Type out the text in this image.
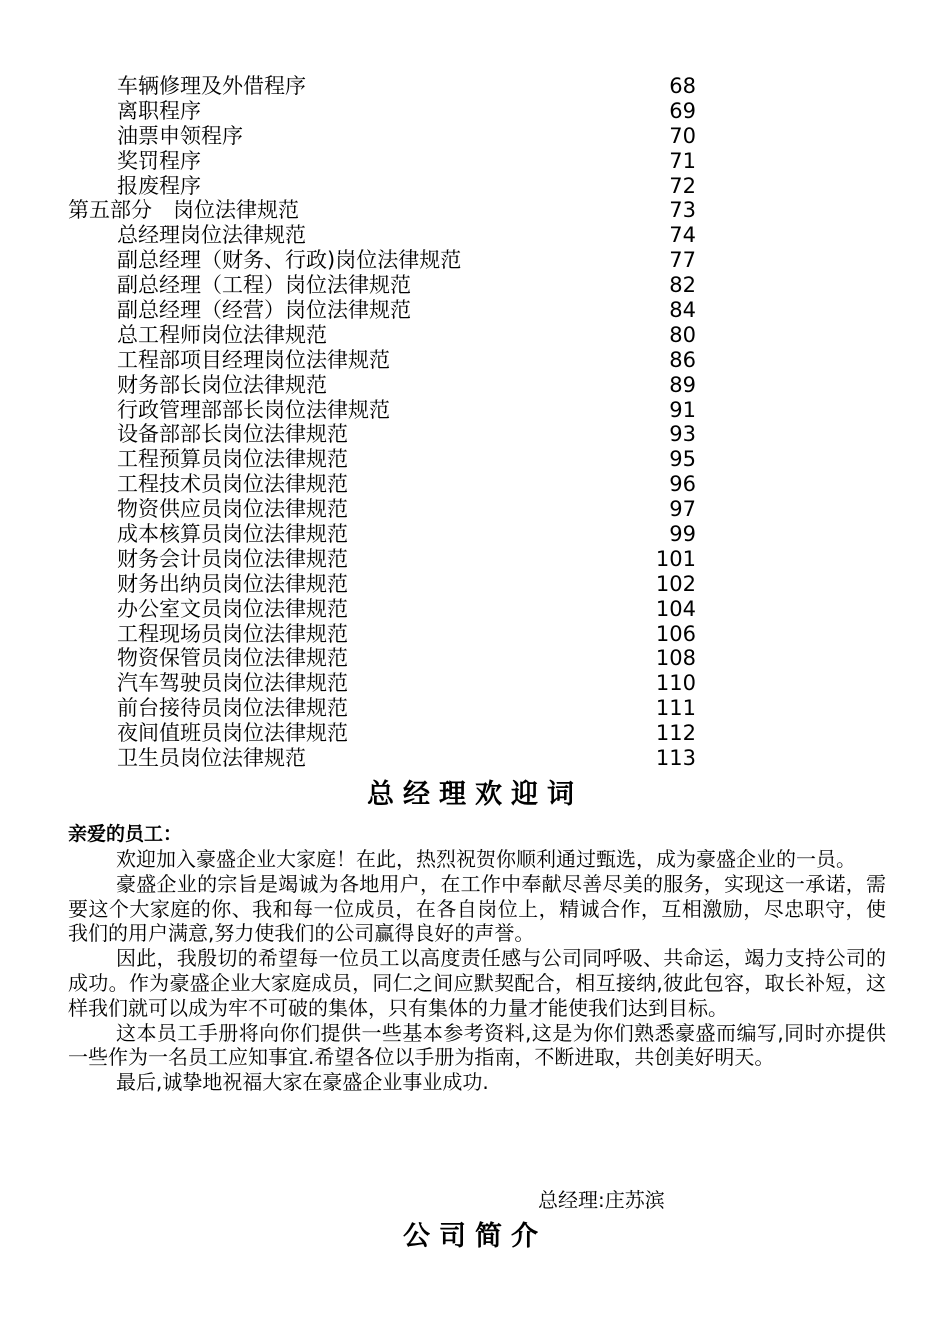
车辆修理及外借程序	68
离职程序	69
油票申领程序	70
奖罚程序	71
报废程序	72
第五部分　岗位法律规范	73
总经理岗位法律规范	74
副总经理（财务、行政)岗位法律规范	77
副总经理（工程）岗位法律规范	82
副总经理（经营）岗位法律规范	84
总工程师岗位法律规范	80
工程部项目经理岗位法律规范	86
财务部长岗位法律规范	89
行政管理部部长岗位法律规范	91
设备部部长岗位法律规范	93
工程预算员岗位法律规范	95
工程技术员岗位法律规范	96
物资供应员岗位法律规范	97
成本核算员岗位法律规范	99
财务会计员岗位法律规范	101
财务出纳员岗位法律规范	102
办公室文员岗位法律规范	104
工程现场员岗位法律规范	106
物资保管员岗位法律规范	108
汽车驾驶员岗位法律规范	110
前台接待员岗位法律规范	111
夜间值班员岗位法律规范	112
卫生员岗位法律规范	113
总经理欢迎词
亲爱的员工：

欢迎加入豪盛企业大家庭！在此，热烈祝贺你顺利通过甄选，成为豪盛企业的一员。

豪盛企业的宗旨是竭诚为各地用户，在工作中奉献尽善尽美的服务，实现这一承诺，需要这个大家庭的你、我和每一位成员，在各自岗位上，精诚合作，互相激励，尽忠职守，使我们的用户满意,努力使我们的公司赢得良好的声誉。

因此，我殷切的希望每一位员工以高度责任感与公司同呼吸、共命运，竭力支持公司的成功。作为豪盛企业大家庭成员，同仁之间应默契配合，相互接纳,彼此包容，取长补短，这样我们就可以成为牢不可破的集体，只有集体的力量才能使我们达到目标。

这本员工手册将向你们提供一些基本参考资料,这是为你们熟悉豪盛而编写,同时亦提供一些作为一名员工应知事宜.希望各位以手册为指南，不断进取，共创美好明天。

最后,诚挚地祝福大家在豪盛企业事业成功.

总经理:庄苏滨
公司简介
